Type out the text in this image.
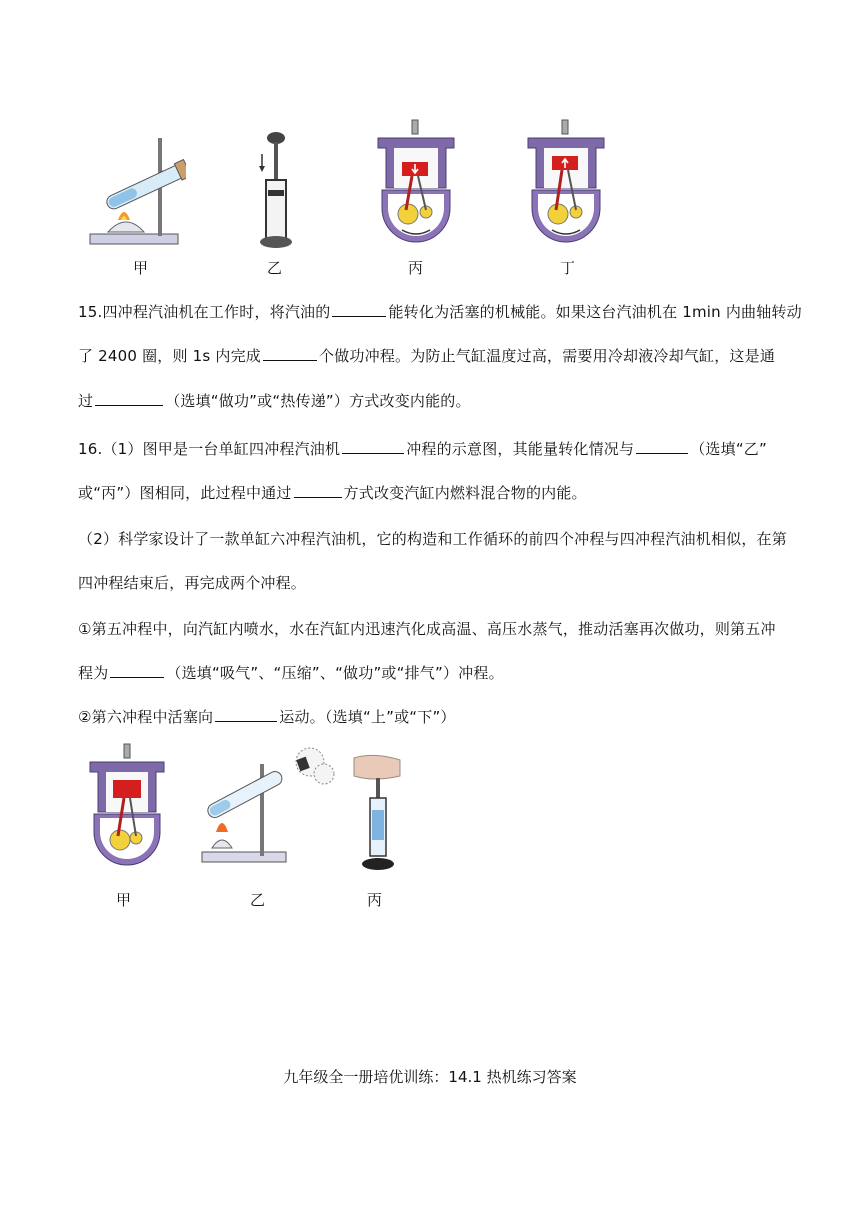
甲	乙	丙	丁
15.四冲程汽油机在工作时，将汽油的	能转化为活塞的机械能。如果这台汽油机在 1min 内曲轴转动
了 2400 圈，则 1s 内完成	个做功冲程。为防止气缸温度过高，需要用冷却液冷却气缸，这是通
过	（选填“做功”或“热传递”）方式改变内能的。
16.（1）图甲是一台单缸四冲程汽油机	冲程的示意图，其能量转化情况与	（选填“乙”
或“丙”）图相同，此过程中通过	方式改变汽缸内燃料混合物的内能。
（2）科学家设计了一款单缸六冲程汽油机，它的构造和工作循环的前四个冲程与四冲程汽油机相似，在第
四冲程结束后，再完成两个冲程。
①第五冲程中，向汽缸内喷水，水在汽缸内迅速汽化成高温、高压水蒸气，推动活塞再次做功，则第五冲
程为	（选填“吸气”、“压缩”、“做功”或“排气”）冲程。
②第六冲程中活塞向	运动。（选填“上”或“下”）
甲	乙	丙
九年级全一册培优训练：14.1 热机练习答案
